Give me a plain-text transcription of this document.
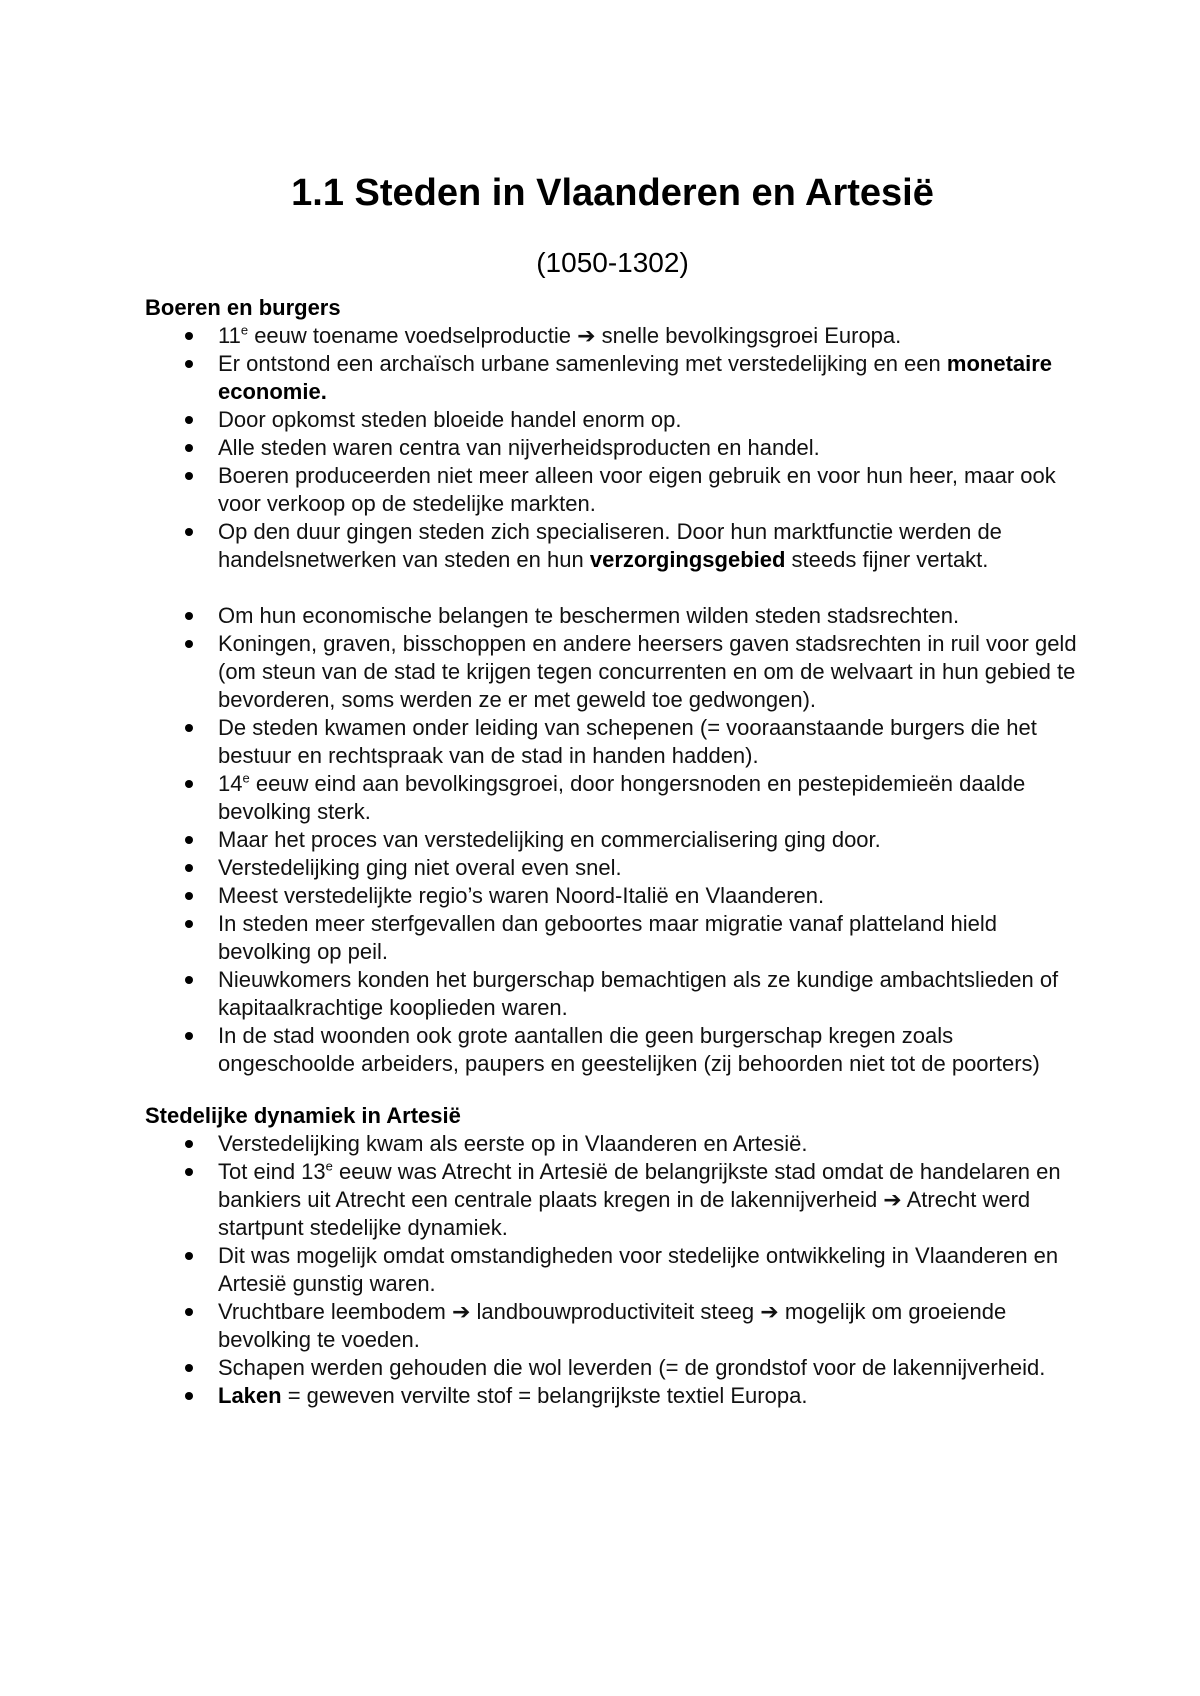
1.1 Steden in Vlaanderen en Artesië

(1050-1302)

Boeren en burgers
11e eeuw toename voedselproductie ➔ snelle bevolkingsgroei Europa.
Er ontstond een archaïsch urbane samenleving met verstedelijking en een monetaire economie.
Door opkomst steden bloeide handel enorm op.
Alle steden waren centra van nijverheidsproducten en handel.
Boeren produceerden niet meer alleen voor eigen gebruik en voor hun heer, maar ook voor verkoop op de stedelijke markten.
Op den duur gingen steden zich specialiseren. Door hun marktfunctie werden de handelsnetwerken van steden en hun verzorgingsgebied steeds fijner vertakt.
Om hun economische belangen te beschermen wilden steden stadsrechten.
Koningen, graven, bisschoppen en andere heersers gaven stadsrechten in ruil voor geld (om steun van de stad te krijgen tegen concurrenten en om de welvaart in hun gebied te bevorderen, soms werden ze er met geweld toe gedwongen).
De steden kwamen onder leiding van schepenen (= vooraanstaande burgers die het bestuur en rechtspraak van de stad in handen hadden).
14e eeuw eind aan bevolkingsgroei, door hongersnoden en pestepidemieën daalde bevolking sterk.
Maar het proces van verstedelijking en commercialisering ging door.
Verstedelijking ging niet overal even snel.
Meest verstedelijkte regio’s waren Noord-Italië en Vlaanderen.
In steden meer sterfgevallen dan geboortes maar migratie vanaf platteland hield bevolking op peil.
Nieuwkomers konden het burgerschap bemachtigen als ze kundige ambachtslieden of kapitaalkrachtige kooplieden waren.
In de stad woonden ook grote aantallen die geen burgerschap kregen zoals ongeschoolde arbeiders, paupers en geestelijken (zij behoorden niet tot de poorters)
Stedelijke dynamiek in Artesië
Verstedelijking kwam als eerste op in Vlaanderen en Artesië.
Tot eind 13e eeuw was Atrecht in Artesië de belangrijkste stad omdat de handelaren en bankiers uit Atrecht een centrale plaats kregen in de lakennijverheid ➔ Atrecht werd startpunt stedelijke dynamiek.
Dit was mogelijk omdat omstandigheden voor stedelijke ontwikkeling in Vlaanderen en Artesië gunstig waren.
Vruchtbare leembodem ➔ landbouwproductiviteit steeg ➔ mogelijk om groeiende bevolking te voeden.
Schapen werden gehouden die wol leverden (= de grondstof voor de lakennijverheid.
Laken = geweven vervilte stof = belangrijkste textiel Europa.
